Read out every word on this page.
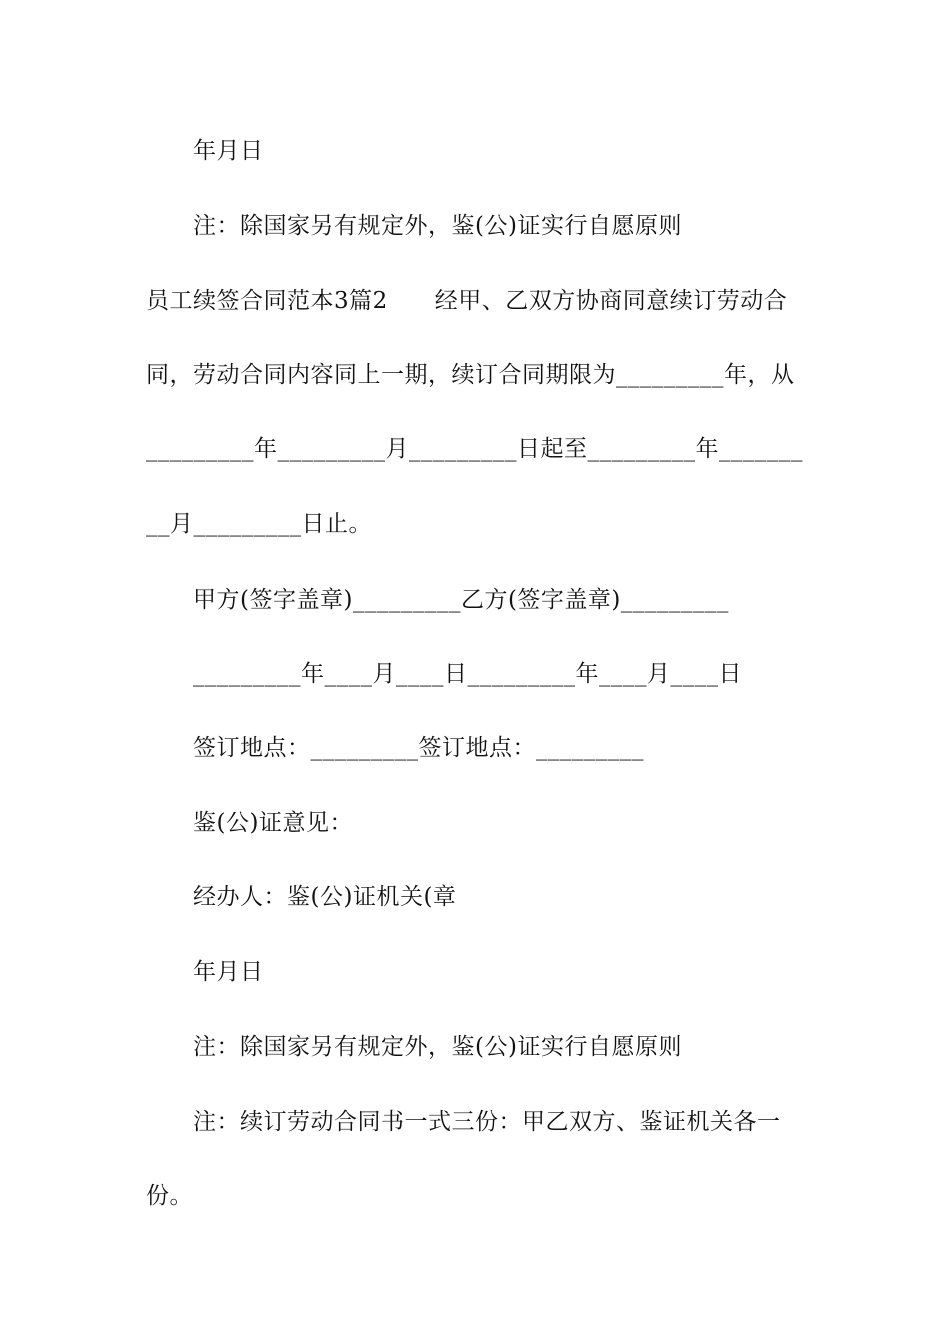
年月日
注：除国家另有规定外，鉴(公)证实行自愿原则
员工续签合同范本3篇2　　经甲、乙双方协商同意续订劳动合
同，劳动合同内容同上一期，续订合同期限为_________年，从
_________年_________月_________日起至_________年_______
__月_________日止。
甲方(签字盖章)_________乙方(签字盖章)_________
_________年____月____日_________年____月____日
签订地点：_________签订地点：_________
鉴(公)证意见：
经办人：鉴(公)证机关(章
年月日
注：除国家另有规定外，鉴(公)证实行自愿原则
注：续订劳动合同书一式三份：甲乙双方、鉴证机关各一
份。
